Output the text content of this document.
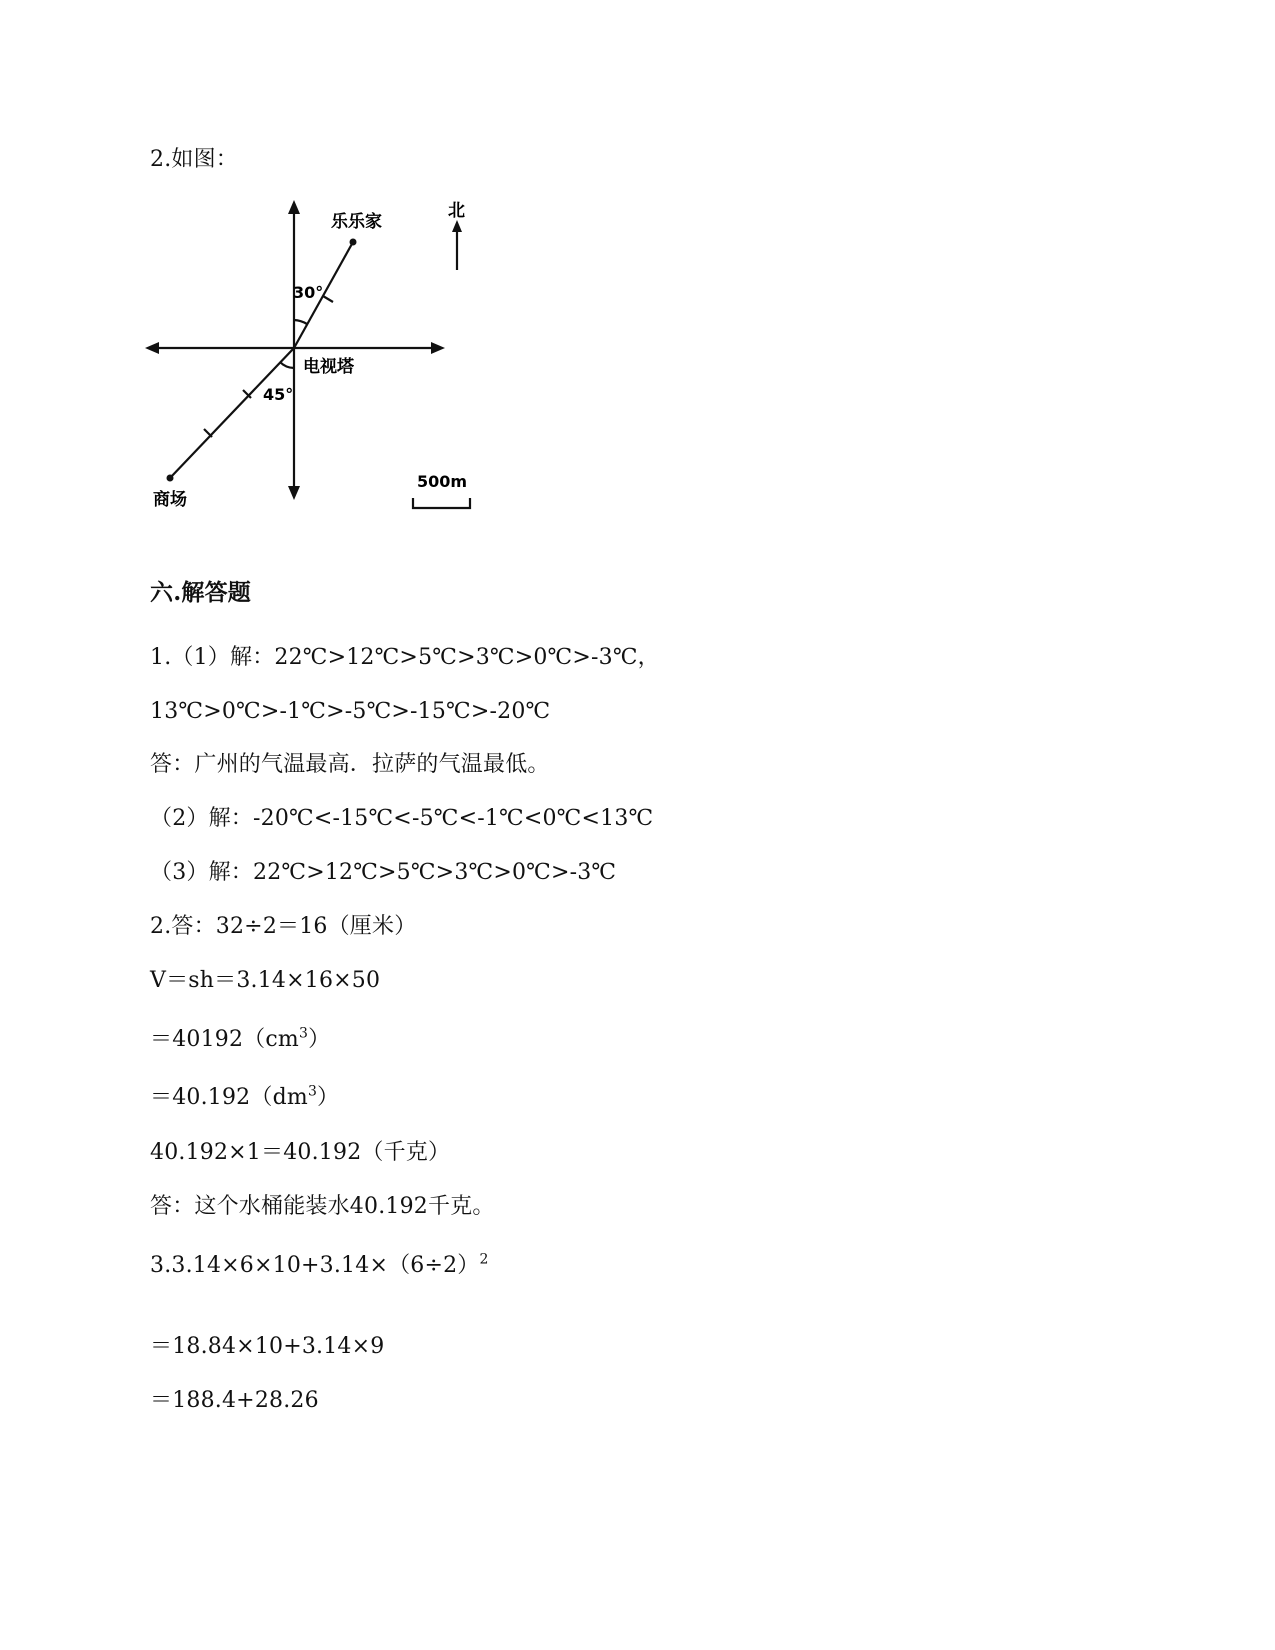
2.如图：
乐乐家
电视塔
商场
北
30°
45°
500m
六.解答题
1.（1）解：22℃>12℃>5℃>3℃>0℃>-3℃，
13℃>0℃>-1℃>-5℃>-15℃>-20℃
答：广州的气温最高．拉萨的气温最低。
（2）解：-20℃<-15℃<-5℃<-1℃<0℃<13℃
（3）解：22℃>12℃>5℃>3℃>0℃>-3℃
2.答：32÷2＝16（厘米）
V＝sh＝3.14×16×50
$=40192(cm^3)$
$=40.192(dm^3)$
40.192×1＝40.192（千克）
答：这个水桶能装水40.192千克。
$3.3.14\times 6\times 10+3.14\times(6\div 2)^2$
＝18.84×10+3.14×9
＝188.4+28.26
